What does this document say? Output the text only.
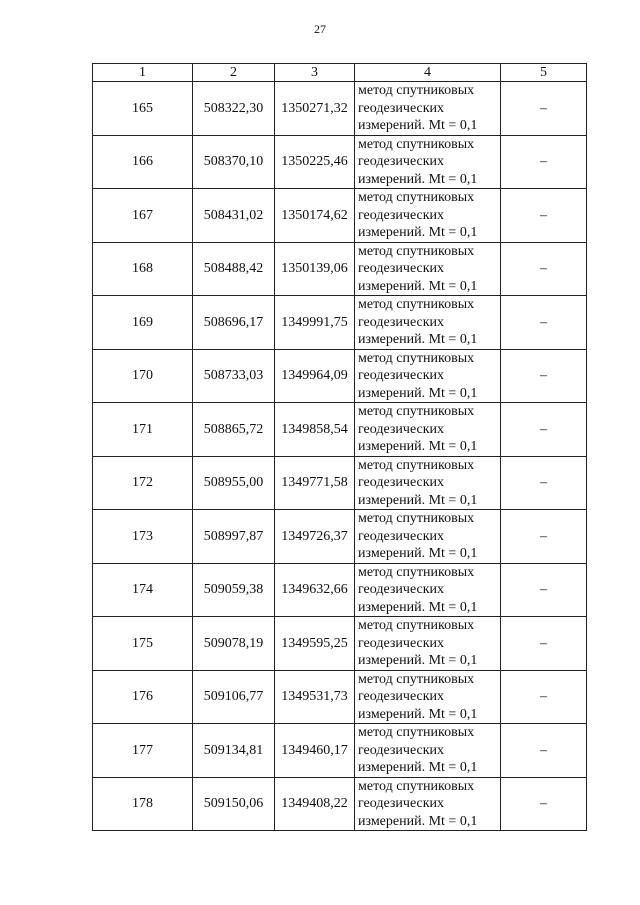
27
1	2	3	4	5
165	508322,30	1350271,32	метод спутниковых
геодезических
измерений. Mt = 0,1	–
166	508370,10	1350225,46	метод спутниковых
геодезических
измерений. Mt = 0,1	–
167	508431,02	1350174,62	метод спутниковых
геодезических
измерений. Mt = 0,1	–
168	508488,42	1350139,06	метод спутниковых
геодезических
измерений. Mt = 0,1	–
169	508696,17	1349991,75	метод спутниковых
геодезических
измерений. Mt = 0,1	–
170	508733,03	1349964,09	метод спутниковых
геодезических
измерений. Mt = 0,1	–
171	508865,72	1349858,54	метод спутниковых
геодезических
измерений. Mt = 0,1	–
172	508955,00	1349771,58	метод спутниковых
геодезических
измерений. Mt = 0,1	–
173	508997,87	1349726,37	метод спутниковых
геодезических
измерений. Mt = 0,1	–
174	509059,38	1349632,66	метод спутниковых
геодезических
измерений. Mt = 0,1	–
175	509078,19	1349595,25	метод спутниковых
геодезических
измерений. Mt = 0,1	–
176	509106,77	1349531,73	метод спутниковых
геодезических
измерений. Mt = 0,1	–
177	509134,81	1349460,17	метод спутниковых
геодезических
измерений. Mt = 0,1	–
178	509150,06	1349408,22	метод спутниковых
геодезических
измерений. Mt = 0,1	–
